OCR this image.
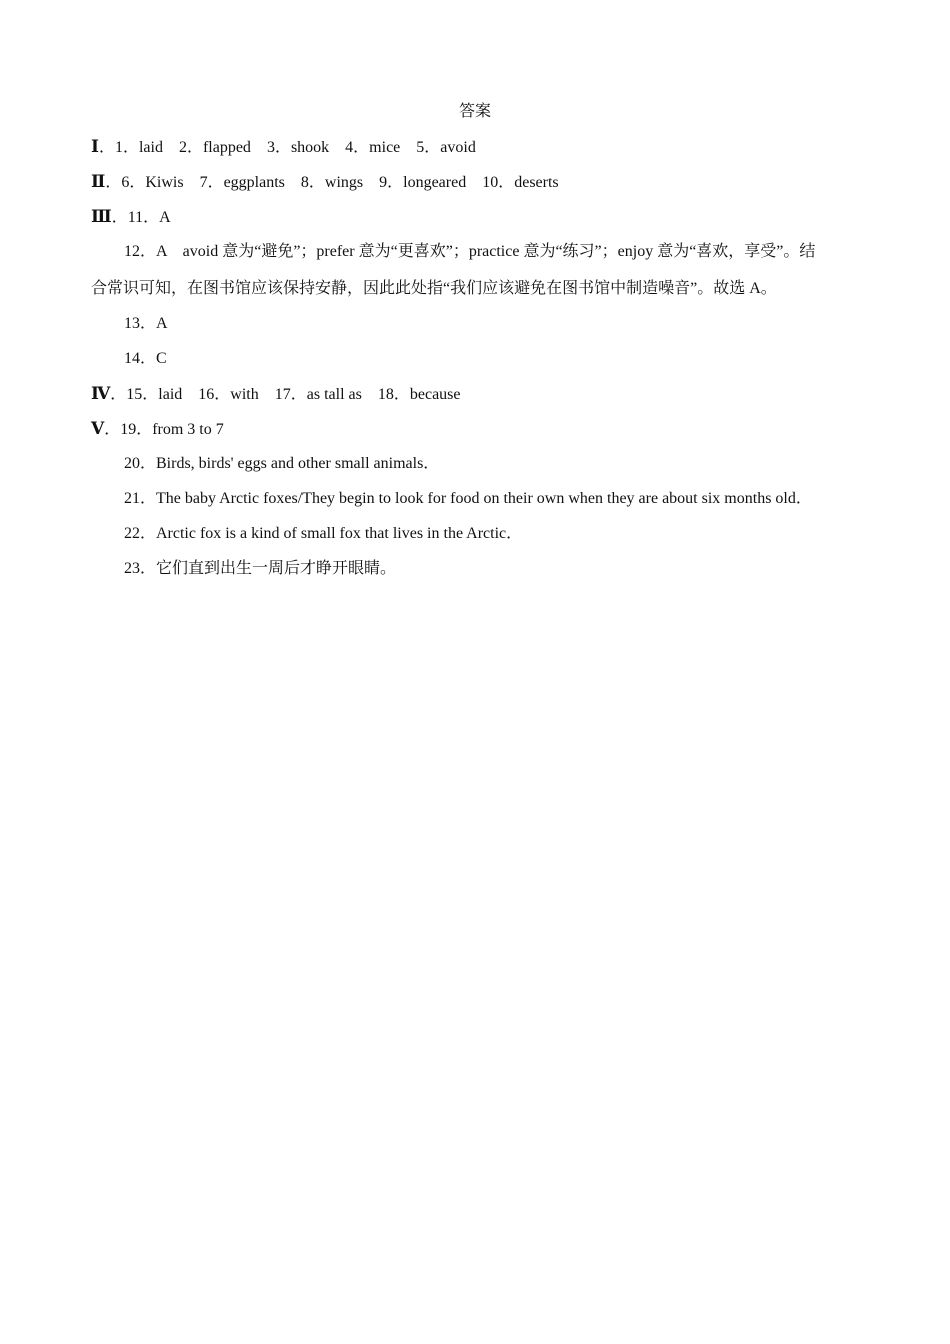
答案
Ⅰ．1．laid 2．flapped 3．shook 4．mice 5．avoid
Ⅱ．6．Kiwis 7．eggplants 8．wings 9．longeared 10．deserts
Ⅲ．11．A
12．A　avoid 意为“避免”；prefer 意为“更喜欢”；practice 意为“练习”；enjoy 意为“喜欢，享受”。结
合常识可知，在图书馆应该保持安静，因此此处指“我们应该避免在图书馆中制造噪音”。故选 A。
13．A
14．C
Ⅳ．15．laid 16．with 17．as tall as 18．because
Ⅴ．19．from 3 to 7
20．Birds, birds' eggs and other small animals．
21．The baby Arctic foxes/They begin to look for food on their own when they are about six months old．
22．Arctic fox is a kind of small fox that lives in the Arctic．
23．它们直到出生一周后才睁开眼睛。
